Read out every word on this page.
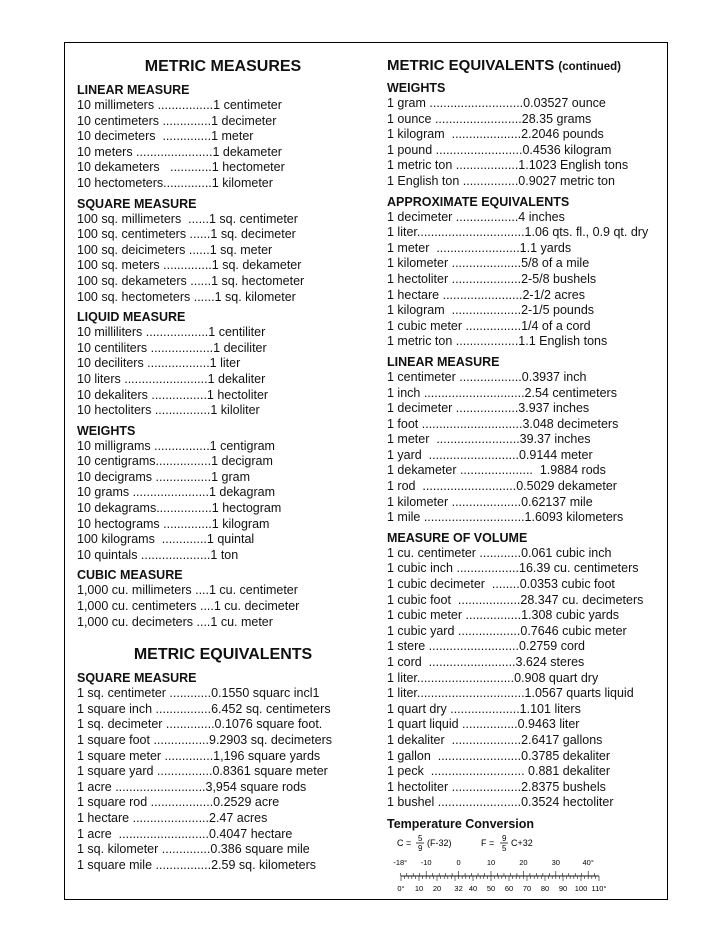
METRIC MEASURES
LINEAR MEASURE
10 millimeters ................1 centimeter
10 centimeters ..............1 decimeter
10 decimeters  ..............1 meter
10 meters ......................1 dekameter
10 dekameters   ............1 hectometer
10 hectometers..............1 kilometer
SQUARE MEASURE
100 sq. millimeters  ......1 sq. centimeter
100 sq. centimeters ......1 sq. decimeter
100 sq. deicimeters ......1 sq. meter
100 sq. meters ..............1 sq. dekameter
100 sq. dekameters ......1 sq. hectometer
100 sq. hectometers ......1 sq. kilometer
LIQUID MEASURE
10 milliliters ..................1 centiliter
10 centiliters ..................1 deciliter
10 deciliters ..................1 liter
10 liters ........................1 dekaliter
10 dekaliters ................1 hectoliter
10 hectoliters ................1 kiloliter
WEIGHTS
10 milligrams ................1 centigram
10 centigrams................1 decigram
10 decigrams ................1 gram
10 grams ......................1 dekagram
10 dekagrams................1 hectogram
10 hectograms ..............1 kilogram
100 kilograms  .............1 quintal
10 quintals ....................1 ton
CUBIC MEASURE
1,000 cu. millimeters ....1 cu. centimeter
1,000 cu. centimeters ....1 cu. decimeter
1,000 cu. decimeters ....1 cu. meter
METRIC EQUIVALENTS
SQUARE MEASURE
1 sq. centimeter ............0.1550 squarc incl1
1 square inch ................6.452 sq. centimeters
1 sq. decimeter ..............0.1076 square foot.
1 square foot ................9.2903 sq. decimeters
1 square meter ..............1,196 square yards
1 square yard ................0.8361 square meter
1 acre ..........................3,954 square rods
1 square rod ..................0.2529 acre
1 hectare ......................2.47 acres
1 acre  ..........................0.4047 hectare
1 sq. kilometer ..............0.386 square mile
1 square mile ................2.59 sq. kilometers
METRIC EQUIVALENTS (continued)
WEIGHTS
1 gram ...........................0.03527 ounce
1 ounce .........................28.35 grams
1 kilogram  ....................2.2046 pounds
1 pound .........................0.4536 kilogram
1 metric ton ..................1.1023 English tons
1 English ton ................0.9027 metric ton
APPROXIMATE EQUIVALENTS
1 decimeter ..................4 inches
1 liter...............................1.06 qts. fl., 0.9 qt. dry
1 meter  ........................1.1 yards
1 kilometer ....................5/8 of a mile
1 hectoliter ....................2-5/8 bushels
1 hectare .......................2-1/2 acres
1 kilogram  ....................2-1/5 pounds
1 cubic meter ................1/4 of a cord
1 metric ton ..................1.1 English tons
LINEAR MEASURE
1 centimeter ..................0.3937 inch
1 inch .............................2.54 centimeters
1 decimeter ..................3.937 inches
1 foot .............................3.048 decimeters
1 meter  ........................39.37 inches
1 yard  ..........................0.9144 meter
1 dekameter .....................  1.9884 rods
1 rod  ...........................0.5029 dekameter
1 kilometer ....................0.62137 mile
1 mile .............................1.6093 kilometers
MEASURE OF VOLUME
1 cu. centimeter ............0.061 cubic inch
1 cubic inch ..................16.39 cu. centimeters
1 cubic decimeter  ........0.0353 cubic foot
1 cubic foot  ..................28.347 cu. decimeters
1 cubic meter ................1.308 cubic yards
1 cubic yard ..................0.7646 cubic meter
1 stere ..........................0.2759 cord
1 cord  .........................3.624 steres
1 liter............................0.908 quart dry
1 liter...............................1.0567 quarts liquid
1 quart dry ....................1.101 liters
1 quart liquid ................0.9463 liter
1 dekaliter  ....................2.6417 gallons
1 gallon  ........................0.3785 dekaliter
1 peck  ........................... 0.881 dekaliter
1 hectoliter ....................2.8375 bushels
1 bushel ........................0.3524 hectoliter
Temperature Conversion
C = 5
9
(F-32)	F = 9
5
C+32
-18° -10	0	10	20	30	40°
0° 10 20 32 40 50 60 70 80 90 100 110°
